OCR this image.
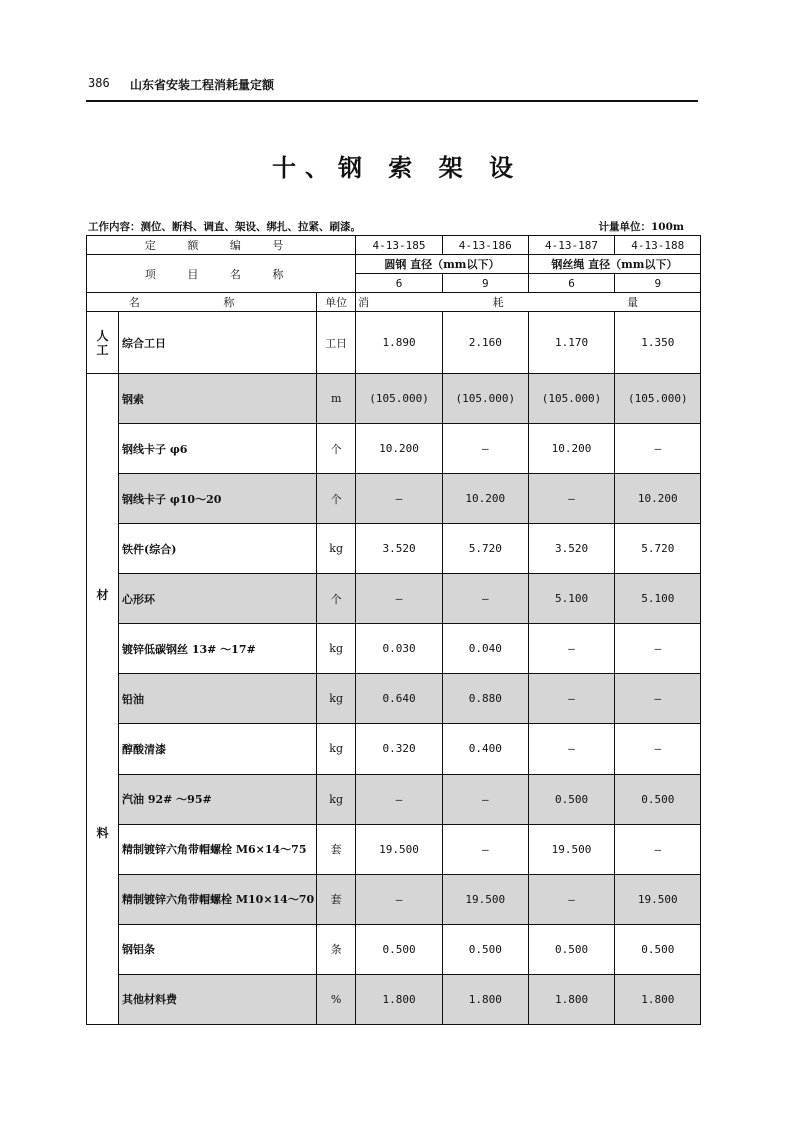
386 山东省安装工程消耗量定额
十、钢 索 架 设
工作内容：测位、断料、调直、架设、绑扎、拉紧、刷漆。	计量单位：100m
定 额 编 号			4-13-185	4-13-186	4-13-187	4-13-188
项 目 名 称			圆钢 直径（mm以下）		钢丝绳 直径（mm以下）	
			6	9	6	9
名 称		单位	消 耗 量			

人
工	综合工日	工日	1.890	2.160	1.170	1.350

材
料	钢索	m	(105.000)	(105.000)	(105.000)	(105.000)
	钢线卡子 φ6	个	10.200	—	10.200	—
	钢线卡子 φ10～20	个	—	10.200	—	10.200
	铁件(综合)	kg	3.520	5.720	3.520	5.720
	心形环	个	—	—	5.100	5.100
	镀锌低碳钢丝 13# ～17#	kg	0.030	0.040	—	—
	铅油	kg	0.640	0.880	—	—
	醇酸清漆	kg	0.320	0.400	—	—
	汽油 92# ～95#	kg	—	—	0.500	0.500
	精制镀锌六角带帽螺栓 M6×14～75	套	19.500	—	19.500	—
	精制镀锌六角带帽螺栓 M10×14～70	套	—	19.500	—	19.500
	钢铝条	条	0.500	0.500	0.500	0.500
	其他材料费	%	1.800	1.800	1.800	1.800
